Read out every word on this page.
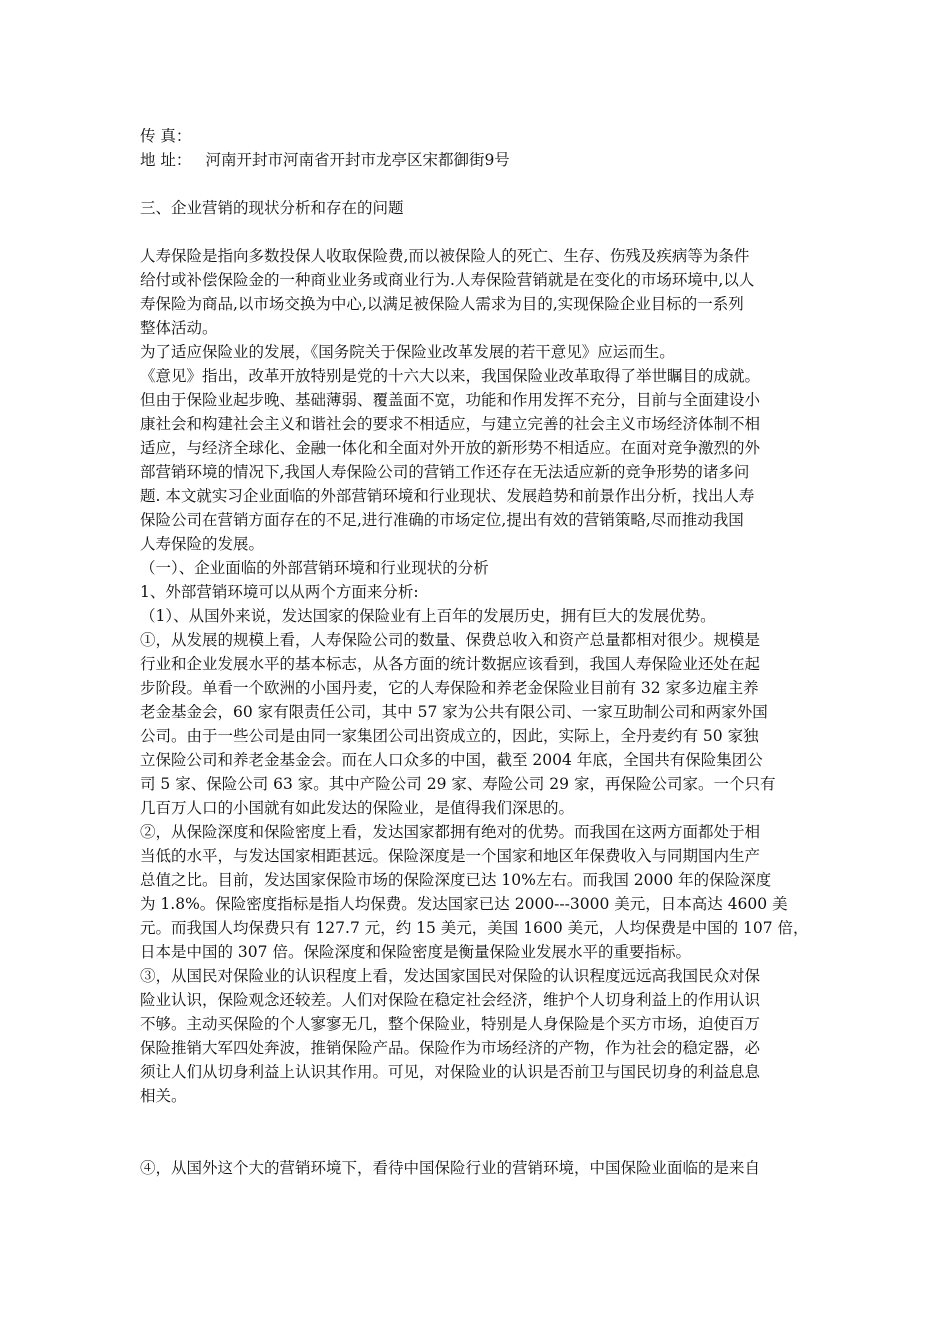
传 真：
地 址： 河南开封市河南省开封市龙亭区宋都御街9号
三、企业营销的现状分析和存在的问题
人寿保险是指向多数投保人收取保险费,而以被保险人的死亡、生存、伤残及疾病等为条件
给付或补偿保险金的一种商业业务或商业行为.人寿保险营销就是在变化的市场环境中,以人
寿保险为商品,以市场交换为中心,以满足被保险人需求为目的,实现保险企业目标的一系列
整体活动。
为了适应保险业的发展，《国务院关于保险业改革发展的若干意见》应运而生。
《意见》指出，改革开放特别是党的十六大以来，我国保险业改革取得了举世瞩目的成就。
但由于保险业起步晚、基础薄弱、覆盖面不宽，功能和作用发挥不充分，目前与全面建设小
康社会和构建社会主义和谐社会的要求不相适应，与建立完善的社会主义市场经济体制不相
适应，与经济全球化、金融一体化和全面对外开放的新形势不相适应。在面对竞争激烈的外
部营销环境的情况下,我国人寿保险公司的营销工作还存在无法适应新的竞争形势的诸多问
题. 本文就实习企业面临的外部营销环境和行业现状、发展趋势和前景作出分析，找出人寿
保险公司在营销方面存在的不足,进行准确的市场定位,提出有效的营销策略,尽而推动我国
人寿保险的发展。
（一）、企业面临的外部营销环境和行业现状的分析
1、外部营销环境可以从两个方面来分析:
（1）、从国外来说，发达国家的保险业有上百年的发展历史，拥有巨大的发展优势。
①，从发展的规模上看，人寿保险公司的数量、保费总收入和资产总量都相对很少。规模是
行业和企业发展水平的基本标志，从各方面的统计数据应该看到，我国人寿保险业还处在起
步阶段。单看一个欧洲的小国丹麦，它的人寿保险和养老金保险业目前有 32 家多边雇主养
老金基金会，60 家有限责任公司，其中 57 家为公共有限公司、一家互助制公司和两家外国
公司。由于一些公司是由同一家集团公司出资成立的，因此，实际上，全丹麦约有 50 家独
立保险公司和养老金基金会。而在人口众多的中国，截至 2004 年底，全国共有保险集团公
司 5 家、保险公司 63 家。其中产险公司 29 家、寿险公司 29 家，再保险公司家。一个只有
几百万人口的小国就有如此发达的保险业，是值得我们深思的。
②，从保险深度和保险密度上看，发达国家都拥有绝对的优势。而我国在这两方面都处于相
当低的水平，与发达国家相距甚远。保险深度是一个国家和地区年保费收入与同期国内生产
总值之比。目前，发达国家保险市场的保险深度已达 10%左右。而我国 2000 年的保险深度
为 1.8%。保险密度指标是指人均保费。发达国家已达 2000---3000 美元，日本高达 4600 美
元。而我国人均保费只有 127.7 元，约 15 美元，美国 1600 美元，人均保费是中国的 107 倍，
日本是中国的 307 倍。保险深度和保险密度是衡量保险业发展水平的重要指标。
③，从国民对保险业的认识程度上看，发达国家国民对保险的认识程度远远高我国民众对保
险业认识，保险观念还较差。人们对保险在稳定社会经济，维护个人切身利益上的作用认识
不够。主动买保险的个人寥寥无几，整个保险业，特别是人身保险是个买方市场，迫使百万
保险推销大军四处奔波，推销保险产品。保险作为市场经济的产物，作为社会的稳定器，必
须让人们从切身利益上认识其作用。可见，对保险业的认识是否前卫与国民切身的利益息息
相关。
④，从国外这个大的营销环境下，看待中国保险行业的营销环境，中国保险业面临的是来自
